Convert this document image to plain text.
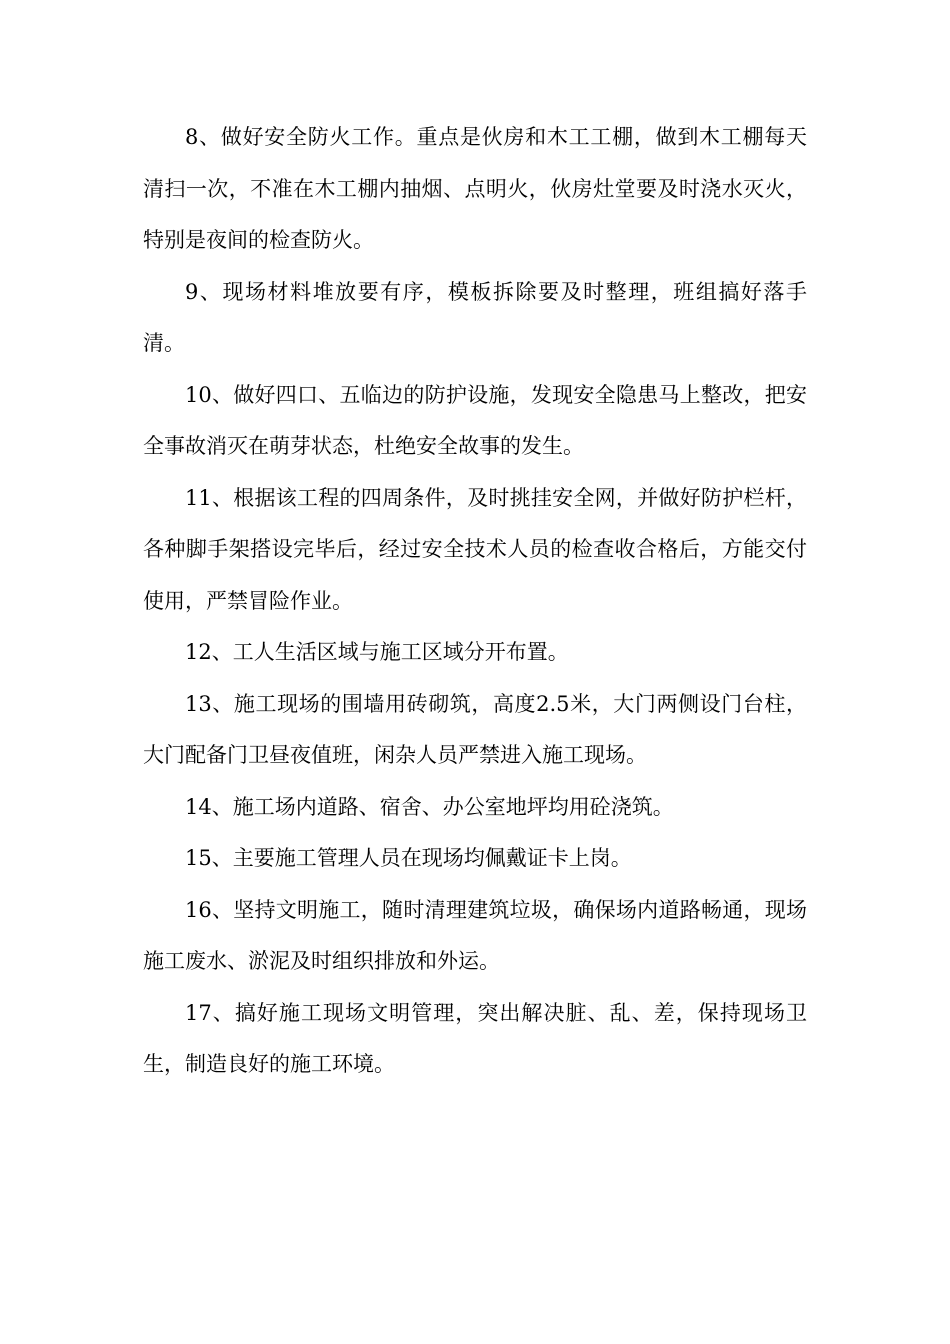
8、做好安全防火工作。重点是伙房和木工工棚，做到木工棚每天清扫一次，不准在木工棚内抽烟、点明火，伙房灶堂要及时浇水灭火，特别是夜间的检查防火。

9、现场材料堆放要有序，模板拆除要及时整理，班组搞好落手清。

10、做好四口、五临边的防护设施，发现安全隐患马上整改，把安全事故消灭在萌芽状态，杜绝安全故事的发生。

11、根据该工程的四周条件，及时挑挂安全网，并做好防护栏杆，各种脚手架搭设完毕后，经过安全技术人员的检查收合格后，方能交付使用，严禁冒险作业。

12、工人生活区域与施工区域分开布置。

13、施工现场的围墙用砖砌筑，高度2.5米，大门两侧设门台柱，大门配备门卫昼夜值班，闲杂人员严禁进入施工现场。

14、施工场内道路、宿舍、办公室地坪均用砼浇筑。

15、主要施工管理人员在现场均佩戴证卡上岗。

16、坚持文明施工，随时清理建筑垃圾，确保场内道路畅通，现场施工废水、淤泥及时组织排放和外运。

17、搞好施工现场文明管理，突出解决脏、乱、差，保持现场卫生，制造良好的施工环境。
